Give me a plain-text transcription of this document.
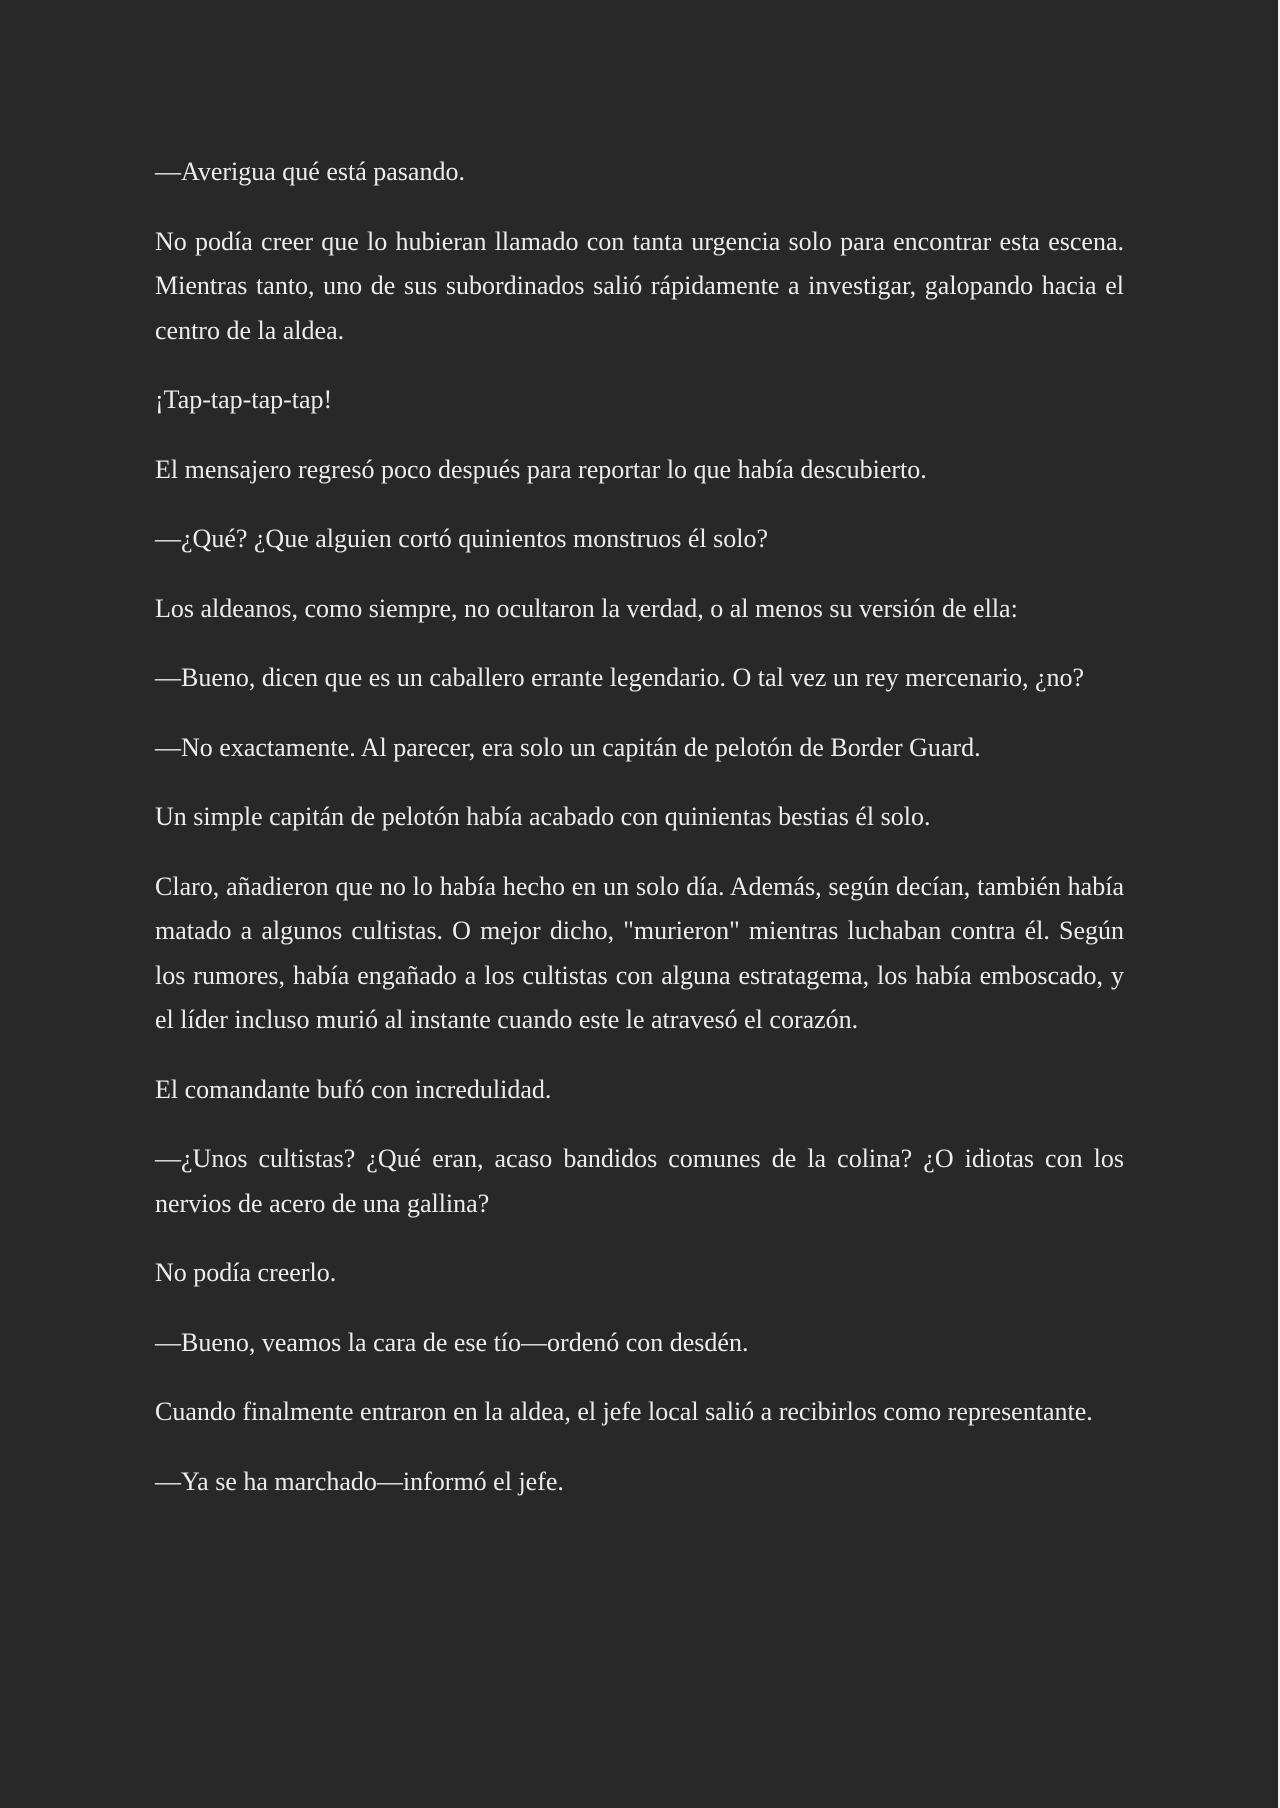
—Averigua qué está pasando.

No podía creer que lo hubieran llamado con tanta urgencia solo para encontrar esta escena. Mientras tanto, uno de sus subordinados salió rápidamente a investigar, galopando hacia el centro de la aldea.

¡Tap-tap-tap-tap!

El mensajero regresó poco después para reportar lo que había descubierto.

—¿Qué? ¿Que alguien cortó quinientos monstruos él solo?

Los aldeanos, como siempre, no ocultaron la verdad, o al menos su versión de ella:

—Bueno, dicen que es un caballero errante legendario. O tal vez un rey mercenario, ¿no?

—No exactamente. Al parecer, era solo un capitán de pelotón de Border Guard.

Un simple capitán de pelotón había acabado con quinientas bestias él solo.

Claro, añadieron que no lo había hecho en un solo día. Además, según decían, también había matado a algunos cultistas. O mejor dicho, "murieron" mientras luchaban contra él. Según los rumores, había engañado a los cultistas con alguna estratagema, los había emboscado, y el líder incluso murió al instante cuando este le atravesó el corazón.

El comandante bufó con incredulidad.

—¿Unos cultistas? ¿Qué eran, acaso bandidos comunes de la colina? ¿O idiotas con los nervios de acero de una gallina?

No podía creerlo.

—Bueno, veamos la cara de ese tío—ordenó con desdén.

Cuando finalmente entraron en la aldea, el jefe local salió a recibirlos como representante.

—Ya se ha marchado—informó el jefe.
